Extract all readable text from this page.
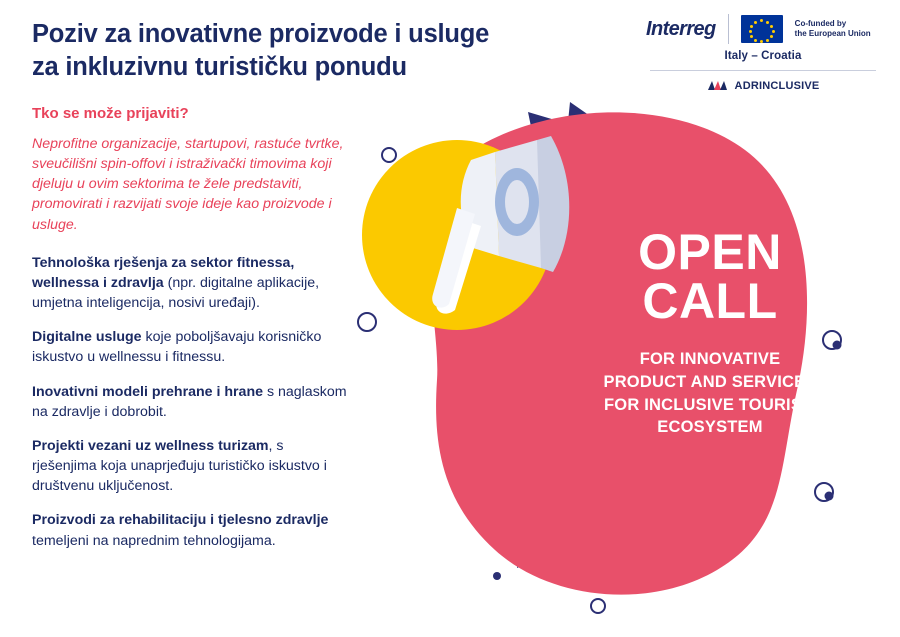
Poziv za inovativne proizvode i usluge
za inkluzivnu turističku ponudu
Interreg	Co-funded by
the European Union
Italy – Croatia
ADRINCLUSIVE
Tko se može prijaviti?
Neprofitne organizacije, startupovi, rastuće tvrtke, sveučilišni spin-offovi i istraživački timovima koji djeluju u ovim sektorima te žele predstaviti, promovirati i razvijati svoje ideje kao proizvode i usluge.
Tehnološka rješenja za sektor fitnessa, wellnessa i zdravlja (npr. digitalne aplikacije, umjetna inteligencija, nosivi uređaji).
Digitalne usluge koje poboljšavaju korisničko iskustvo u wellnessu i fitnessu.
Inovativni modeli prehrane i hrane s naglaskom na zdravlje i dobrobit.
Projekti vezani uz wellness turizam, s rješenjima koja unaprjeđuju turističko iskustvo i društvenu uključenost.
Proizvodi za rehabilitaciju i tjelesno zdravlje temeljeni na naprednim tehnologijama.
OPEN
CALL
FOR INNOVATIVE
PRODUCT AND SERVICES
FOR INCLUSIVE TOURISM
ECOSYSTEM
